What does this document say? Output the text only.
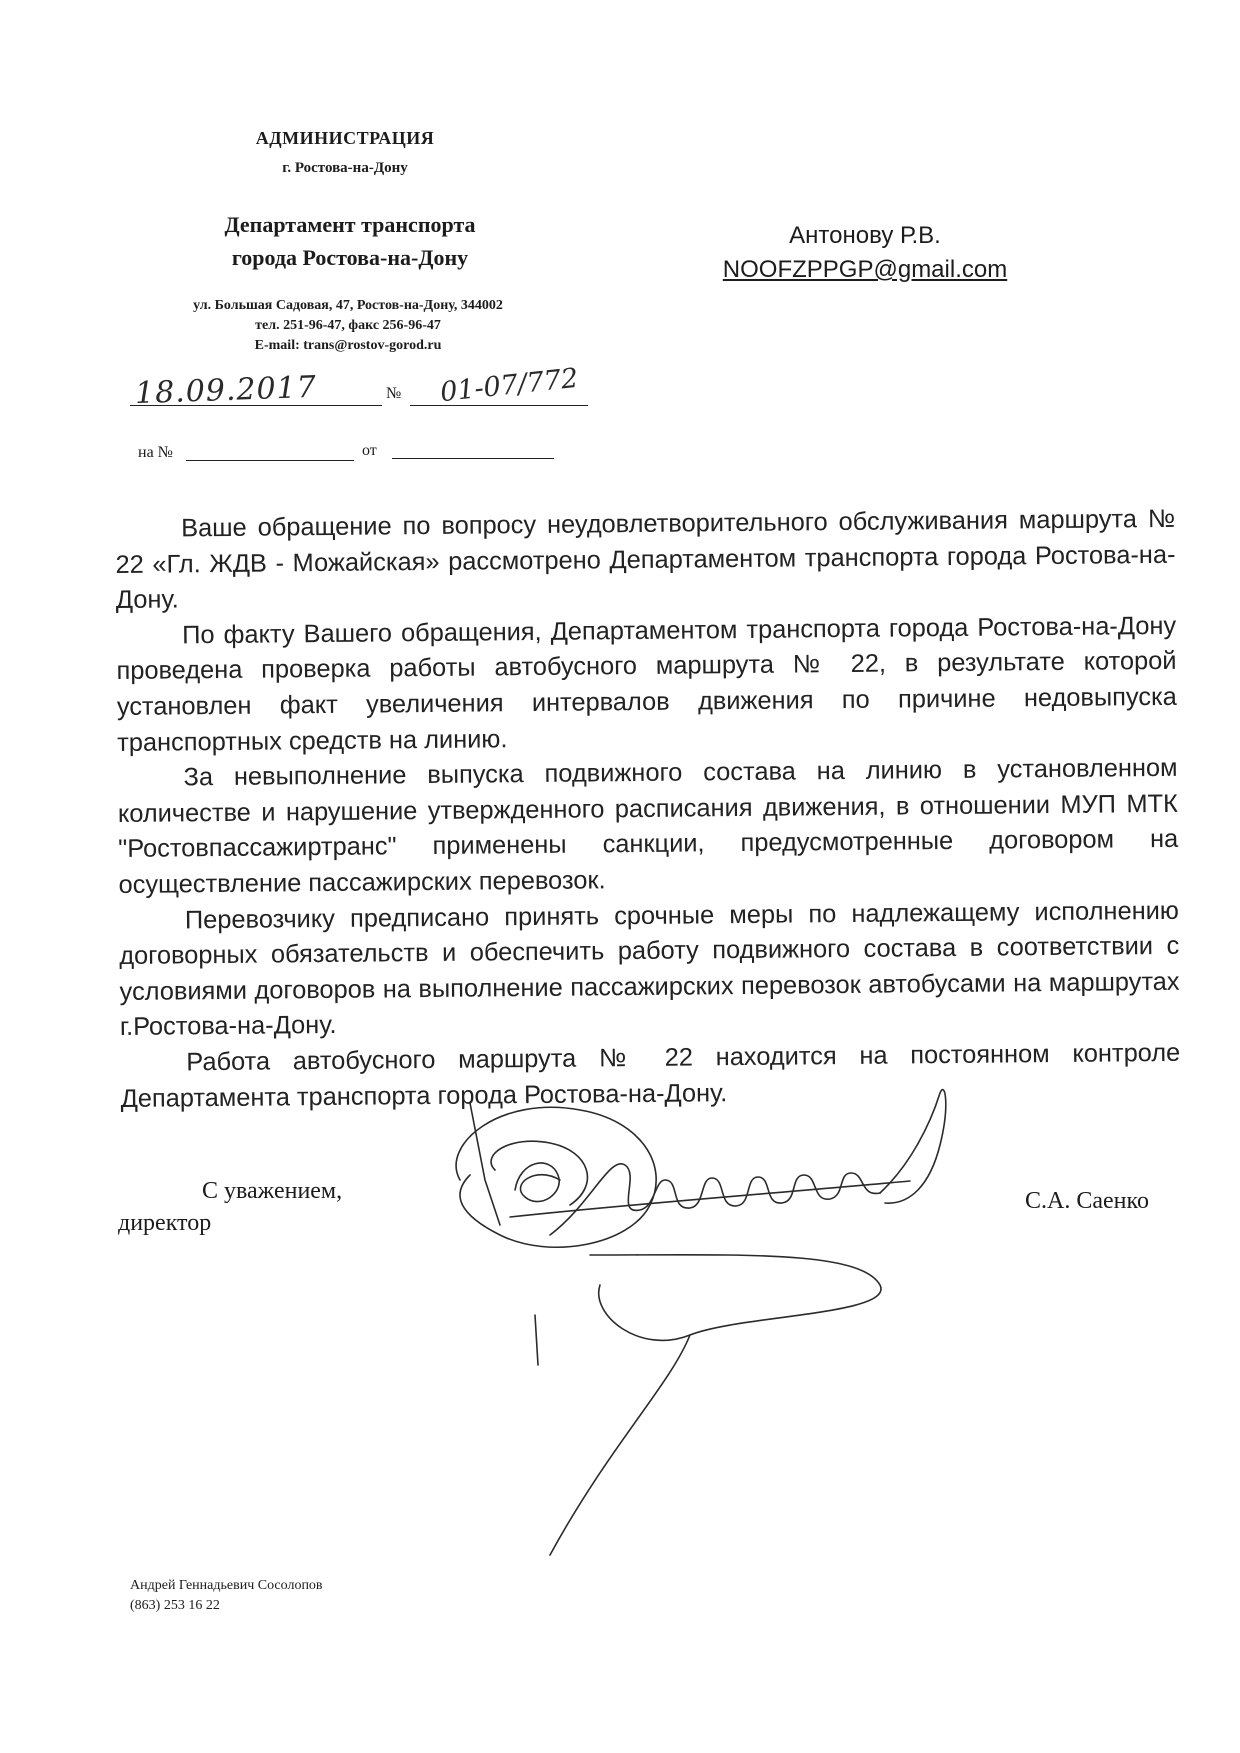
АДМИНИСТРАЦИЯ
г. Ростова-на-Дону
Департамент транспорта
города Ростова-на-Дону
ул. Большая Садовая, 47, Ростов-на-Дону, 344002
тел. 251-96-47, факс 256-96-47
E-mail: trans@rostov-gorod.ru
18.09.2017	№ 01-07/772
на №	от
Антонову Р.В.
NOOFZPPGP@gmail.com

Ваше обращение по вопросу неудовлетворительного обслуживания маршрута № 22 «Гл. ЖДВ - Можайская» рассмотрено Департаментом транспорта города Ростова-на-Дону.

По факту Вашего обращения, Департаментом транспорта города Ростова-на-Дону проведена проверка работы автобусного маршрута № 22, в результате которой установлен факт увеличения интервалов движения по причине недовыпуска транспортных средств на линию.

За невыполнение выпуска подвижного состава на линию в установленном количестве и нарушение утвержденного расписания движения, в отношении МУП МТК "Ростовпассажиртранс" применены санкции, предусмотренные договором на осуществление пассажирских перевозок.

Перевозчику предписано принять срочные меры по надлежащему исполнению договорных обязательств и обеспечить работу подвижного состава в соответствии с условиями договоров на выполнение пассажирских перевозок автобусами на маршрутах г.Ростова-на-Дону.

Работа автобусного маршрута № 22 находится на постоянном контроле Департамента транспорта города Ростова-на-Дону.

С уважением,
директор
С.А. Саенко
Андрей Геннадьевич Сосолопов
(863) 253 16 22
